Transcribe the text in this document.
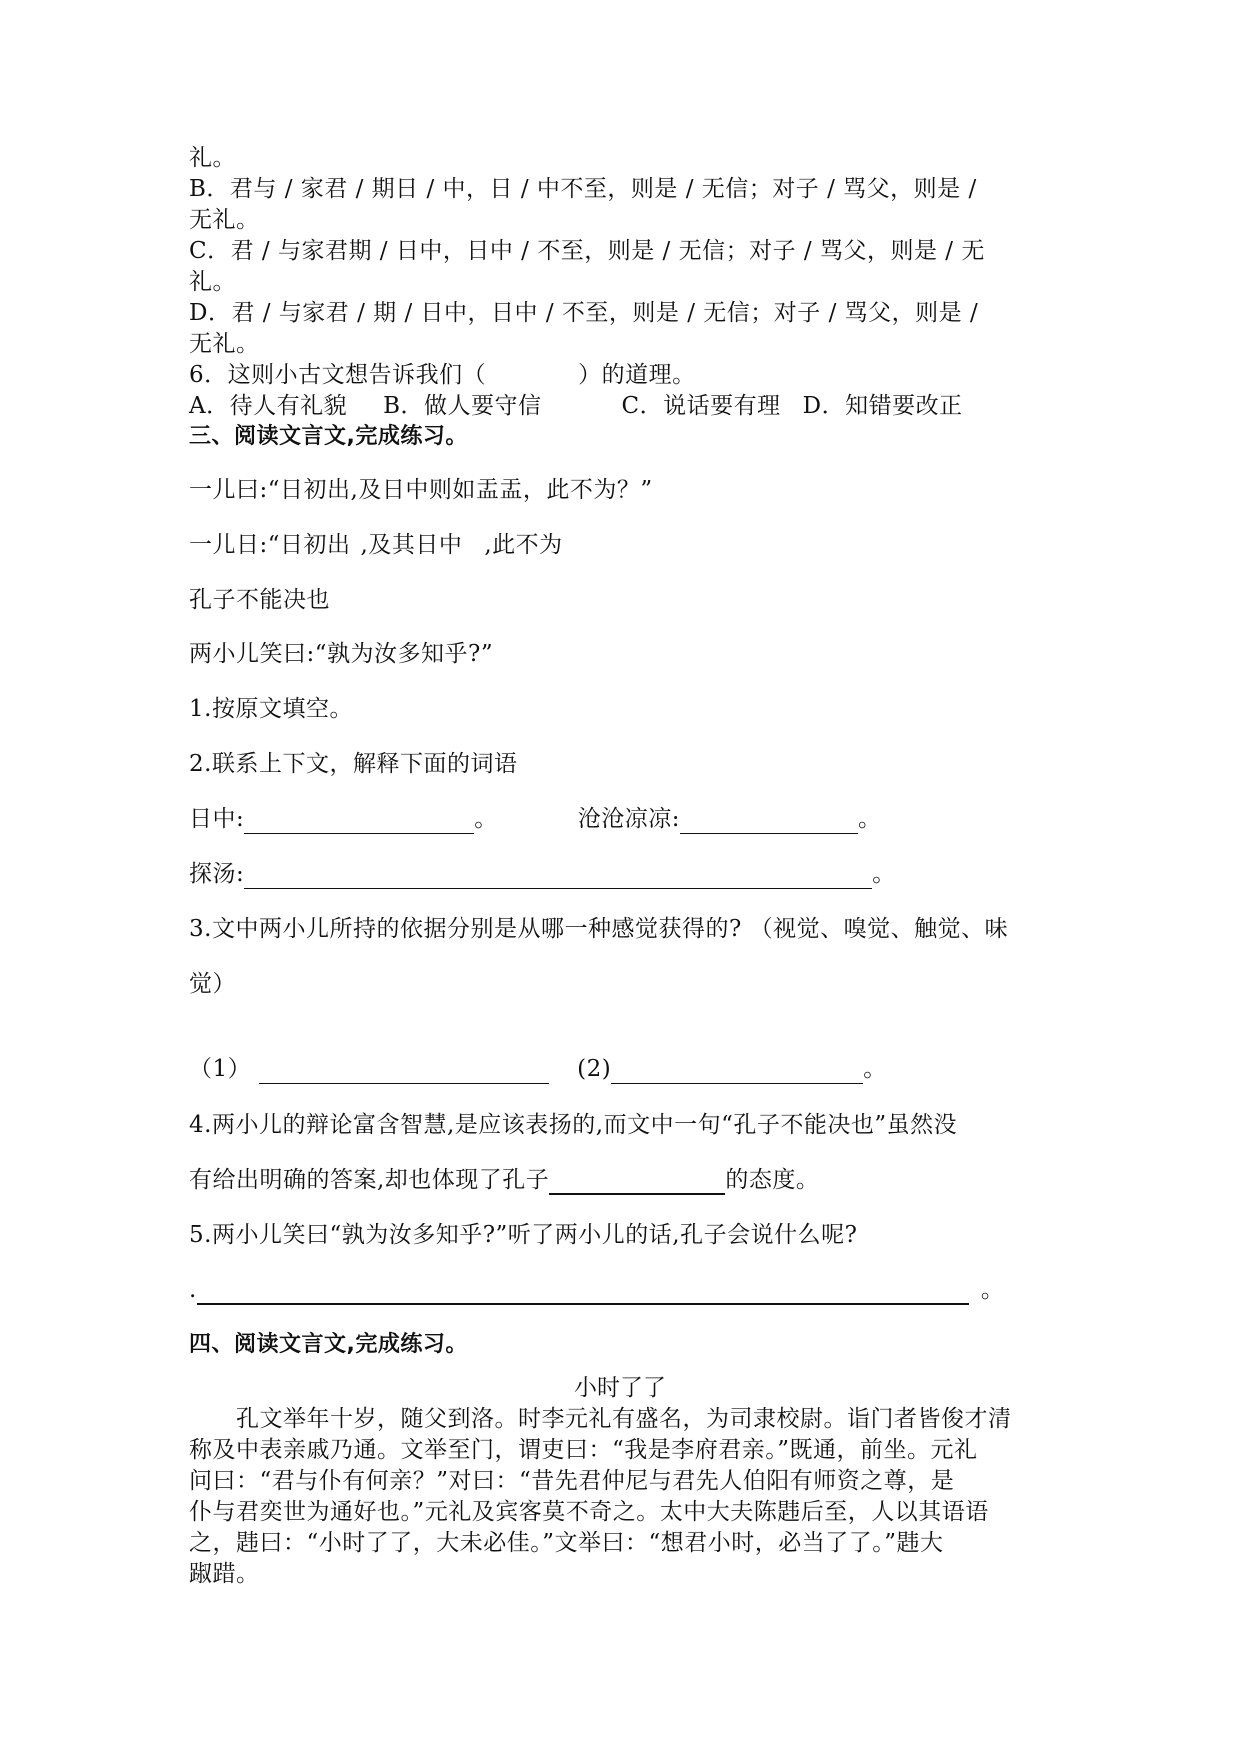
礼。
B．君与 / 家君 / 期日 / 中，日 / 中不至，则是 / 无信；对子 / 骂父，则是 /
无礼。
C．君 / 与家君期 / 日中，日中 / 不至，则是 / 无信；对子 / 骂父，则是 / 无
礼。
D．君 / 与家君 / 期 / 日中，日中 / 不至，则是 / 无信；对子 / 骂父，则是 /
无礼。
6．这则小古文想告诉我们（	）的道理。
A．待人有礼貌 B．做人要守信	C．说话要有理 D．知错要改正
三、阅读文言文,完成练习。
一儿曰:“日初出,及日中则如盂盂，此不为？”
一儿日:“日初出 ,及其日中 ,此不为
孔子不能决也
两小儿笑曰:“孰为汝多知乎?”
1.按原文填空。
2.联系上下文，解释下面的词语
日中:	。	沧沧凉凉:	。
探汤:	。
3.文中两小儿所持的依据分别是从哪一种感觉获得的? （视觉、嗅觉、触觉、味
觉）
（1）	(2)	。
4.两小儿的辩论富含智慧,是应该表扬的,而文中一句“孔子不能决也”虽然没
有给出明确的答案,却也体现了孔子	的态度。
5.两小儿笑曰“孰为汝多知乎?”听了两小儿的话,孔子会说什么呢?
.	。
四、阅读文言文,完成练习。
小时了了
孔文举年十岁，随父到洛。时李元礼有盛名，为司隶校尉。诣门者皆俊才清
称及中表亲戚乃通。文举至门，谓吏曰：“我是李府君亲。”既通，前坐。元礼
问曰：“君与仆有何亲？”对曰：“昔先君仲尼与君先人伯阳有师资之尊，是
仆与君奕世为通好也。”元礼及宾客莫不奇之。太中大夫陈韪后至，人以其语语
之，韪曰：“小时了了，大未必佳。”文举曰：“想君小时，必当了了。”韪大
踧踖。
